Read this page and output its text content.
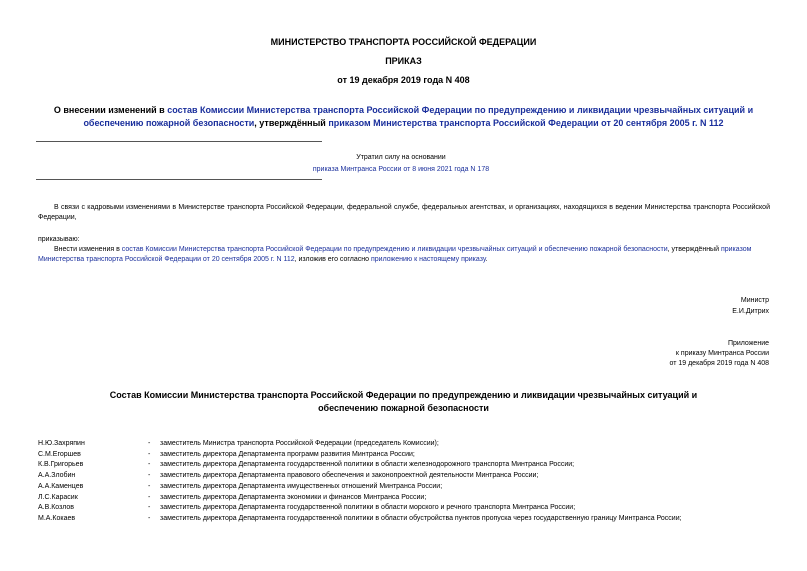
МИНИСТЕРСТВО ТРАНСПОРТА РОССИЙСКОЙ ФЕДЕРАЦИИ
ПРИКАЗ
от 19 декабря 2019 года N 408
О внесении изменений в состав Комиссии Министерства транспорта Российской Федерации по предупреждению и ликвидации чрезвычайных ситуаций и обеспечению пожарной безопасности, утверждённый приказом Министерства транспорта Российской Федерации от 20 сентября 2005 г. N 112
Утратил силу на основании
приказа Минтранса России от 8 июня 2021 года N 178
В связи с кадровыми изменениями в Министерстве транспорта Российской Федерации, федеральной службе, федеральных агентствах, и организациях, находящихся в ведении Министерства транспорта Российской Федерации,
приказываю:
Внести изменения в состав Комиссии Министерства транспорта Российской Федерации по предупреждению и ликвидации чрезвычайных ситуаций и обеспечению пожарной безопасности, утверждённый приказом Министерства транспорта Российской Федерации от 20 сентября 2005 г. N 112, изложив его согласно приложению к настоящему приказу.
Министр
Е.И.Дитрих
Приложение
к приказу Минтранса России
от 19 декабря 2019 года N 408
Состав Комиссии Министерства транспорта Российской Федерации по предупреждению и ликвидации чрезвычайных ситуаций и обеспечению пожарной безопасности
Н.Ю.Захряпин	-	заместитель Министра транспорта Российской Федерации (председатель Комиссии);
С.М.Егоршев	-	заместитель директора Департамента программ развития Минтранса России;
К.В.Григорьев	-	заместитель директора Департамента государственной политики в области железнодорожного транспорта Минтранса России;
А.А.Злобин	-	заместитель директора Департамента правового обеспечения и законопроектной деятельности Минтранса России;
А.А.Каменцев	-	заместитель директора Департамента имущественных отношений Минтранса России;
Л.С.Карасик	-	заместитель директора Департамента экономики и финансов Минтранса России;
А.В.Козлов	-	заместитель директора Департамента государственной политики в области морского и речного транспорта Минтранса России;
М.А.Кокаев	-	заместитель директора Департамента государственной политики в области обустройства пунктов пропуска через государственную границу Минтранса России;
